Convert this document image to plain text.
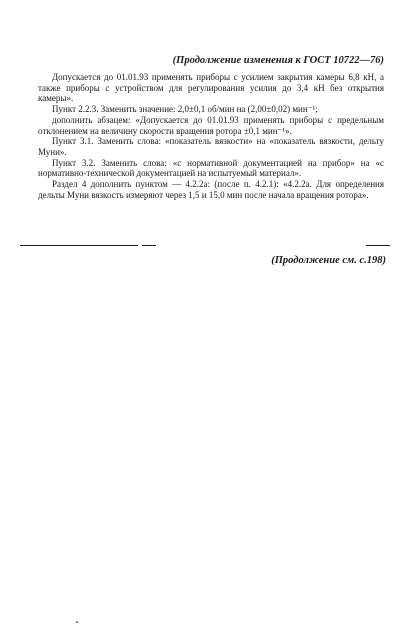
(Продолжение изменения к ГОСТ 10722—76)

Допускается до 01.01.93 применять приборы с усилием закрытия камеры 6,8 кН, а также приборы с устройством для регулирования усилия до 3,4 кН без открытия камеры».

Пункт 2.2.3. Заменить значение: 2,0±0,1 об/мин на (2,00±0,02) мин⁻¹;

дополнить абзацем: «Допускается до 01.01.93 применять приборы с предельным отклонением на величину скорости вращения ротора ±0,1 мин⁻¹».

Пункт 3.1. Заменить слова: «показатель вязкости» на «показатель вязкости, дельту Муни».

Пункт 3.2. Заменить слова: «с нормативной документацией на прибор» на «с нормативно-технической документацией на испытуемый материал».

Раздел 4 дополнить пунктом — 4.2.2а: (после п. 4.2.1): «4.2.2а. Для определения дельты Муни вязкость измеряют через 1,5 и 15,0 мин после начала вращения ротора».

(Продолжение см. с.198)
